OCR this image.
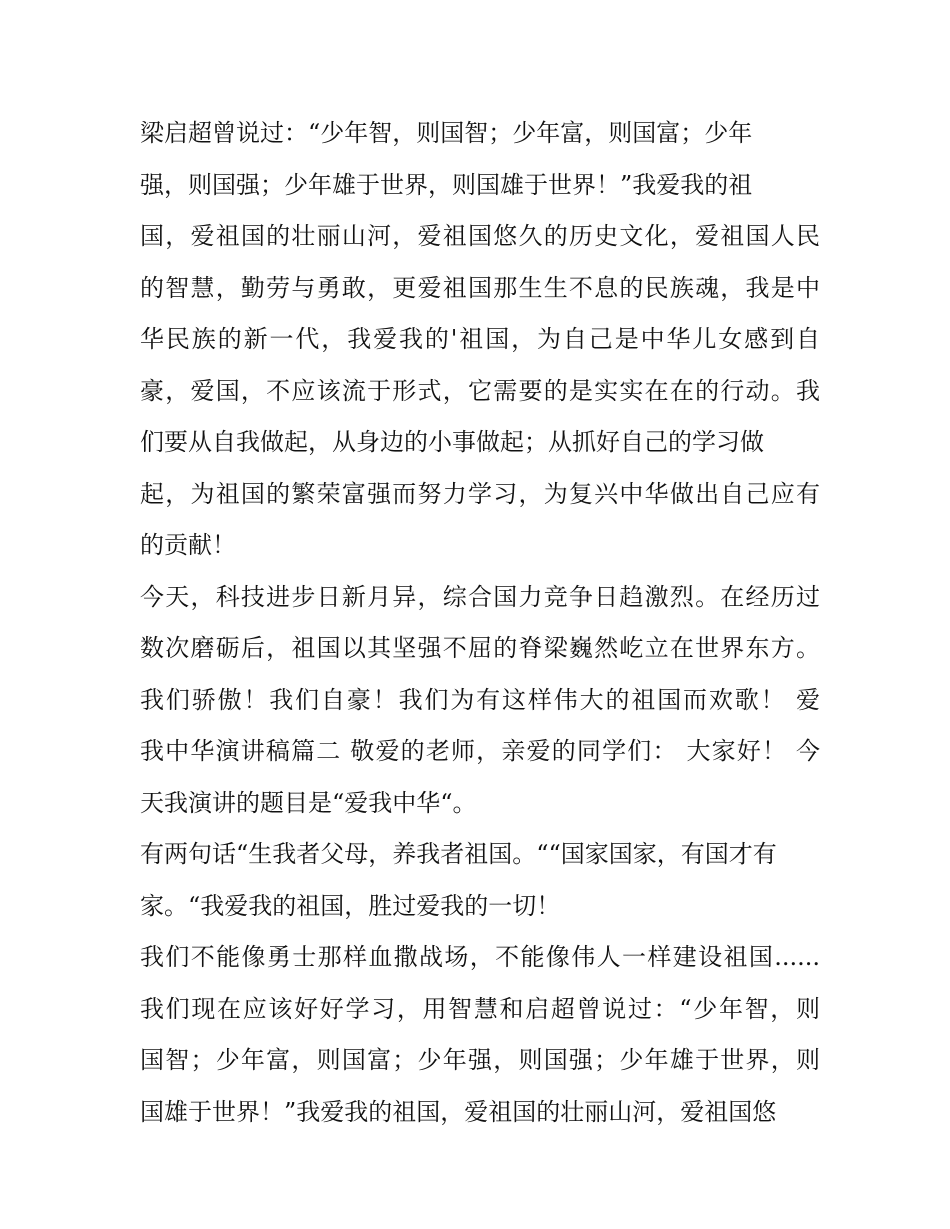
梁启超曾说过：“少年智，则国智；少年富，则国富；少年
强，则国强；少年雄于世界，则国雄于世界！”我爱我的祖
国，爱祖国的壮丽山河，爱祖国悠久的历史文化，爱祖国人民
的智慧，勤劳与勇敢，更爱祖国那生生不息的民族魂，我是中
华民族的新一代，我爱我的'祖国，为自己是中华儿女感到自
豪，爱国，不应该流于形式，它需要的是实实在在的行动。我
们要从自我做起，从身边的小事做起；从抓好自己的学习做
起，为祖国的繁荣富强而努力学习，为复兴中华做出自己应有
的贡献！
今天，科技进步日新月异，综合国力竞争日趋激烈。在经历过
数次磨砺后，祖国以其坚强不屈的脊梁巍然屹立在世界东方。
我们骄傲！我们自豪！我们为有这样伟大的祖国而欢歌！ 爱
我中华演讲稿篇二 敬爱的老师，亲爱的同学们： 大家好！ 今
天我演讲的题目是“爱我中华“。
有两句话“生我者父母，养我者祖国。““国家国家，有国才有
家。“我爱我的祖国，胜过爱我的一切！
我们不能像勇士那样血撒战场，不能像伟人一样建设祖国......
我们现在应该好好学习，用智慧和启超曾说过：“少年智，则
国智；少年富，则国富；少年强，则国强；少年雄于世界，则
国雄于世界！”我爱我的祖国，爱祖国的壮丽山河，爱祖国悠
